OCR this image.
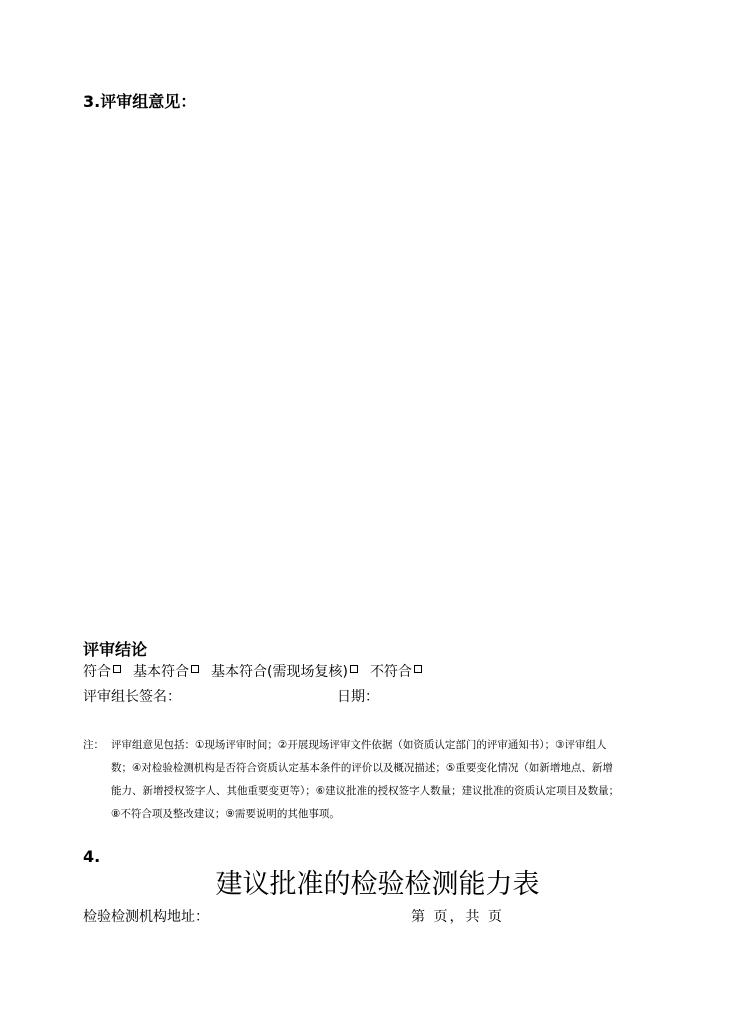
3.评审组意见：
评审结论
符合 基本符合 基本符合(需现场复核) 不符合
评审组长签名：	日期：
注： 评审组意见包括：①现场评审时间；②开展现场评审文件依据（如资质认定部门的评审通知书）；③评审组人
数；④对检验检测机构是否符合资质认定基本条件的评价以及概况描述；⑤重要变化情况（如新增地点、新增
能力、新增授权签字人、其他重要变更等）；⑥建议批准的授权签字人数量；建议批准的资质认定项目及数量；
⑧不符合项及整改建议；⑨需要说明的其他事项。
4.
建议批准的检验检测能力表
检验检测机构地址：	第 页，共 页
